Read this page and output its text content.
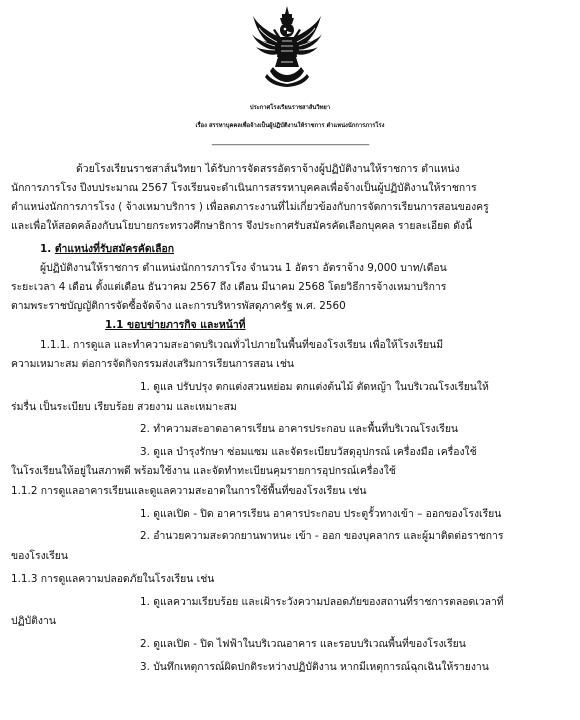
ประกาศโรงเรียนราชสาส์นวิทยา
เรื่อง สรรหาบุคคลเพื่อจ้างเป็นผู้ปฏิบัติงานให้ราชการ ตำแหน่งนักการภารโรง
----------------------------------------------------------------------
ด้วยโรงเรียนราชสาส์นวิทยา ได้รับการจัดสรรอัตราจ้างผู้ปฏิบัติงานให้ราชการ ตำแหน่ง
นักการภารโรง ปีงบประมาณ 2567 โรงเรียนจะดำเนินการสรรหาบุคคลเพื่อจ้างเป็นผู้ปฏิบัติงานให้ราชการ
ตำแหน่งนักการภารโรง ( จ้างเหมาบริการ ) เพื่อลดภาระงานที่ไม่เกี่ยวข้องกับการจัดการเรียนการสอนของครู
และเพื่อให้สอดคล้องกับนโยบายกระทรวงศึกษาธิการ จึงประกาศรับสมัครคัดเลือกบุคคล รายละเอียด ดังนี้
1. ตำแหน่งที่รับสมัครคัดเลือก
ผู้ปฏิบัติงานให้ราชการ ตำแหน่งนักการภารโรง จำนวน 1 อัตรา อัตราจ้าง 9,000 บาท/เดือน
ระยะเวลา 4 เดือน ตั้งแต่เดือน ธันวาคม 2567 ถึง เดือน มีนาคม 2568 โดยวิธีการจ้างเหมาบริการ
ตามพระราชบัญญัติการจัดซื้อจัดจ้าง และการบริหารพัสดุภาครัฐ พ.ศ. 2560
1.1 ขอบข่ายภารกิจ และหน้าที่
1.1.1. การดูแล และทำความสะอาดบริเวณทั่วไปภายในพื้นที่ของโรงเรียน เพื่อให้โรงเรียนมี
ความเหมาะสม ต่อการจัดกิจกรรมส่งเสริมการเรียนการสอน เช่น
1. ดูแล ปรับปรุง ตกแต่งสวนหย่อม ตกแต่งต้นไม้ ตัดหญ้า ในบริเวณโรงเรียนให้
ร่มรื่น เป็นระเบียบ เรียบร้อย สวยงาม และเหมาะสม
2. ทำความสะอาดอาคารเรียน อาคารประกอบ และพื้นที่บริเวณโรงเรียน
3. ดูแล บำรุงรักษา ซ่อมแซม และจัดระเบียบวัสดุอุปกรณ์ เครื่องมือ เครื่องใช้
ในโรงเรียนให้อยู่ในสภาพดี พร้อมใช้งาน และจัดทำทะเบียนคุมรายการอุปกรณ์เครื่องใช้
1.1.2 การดูแลอาคารเรียนและดูแลความสะอาดในการใช้พื้นที่ของโรงเรียน เช่น
1. ดูแลเปิด - ปิด อาคารเรียน อาคารประกอบ ประตูรั้วทางเข้า – ออกของโรงเรียน
2. อำนวยความสะดวกยานพาหนะ เข้า - ออก ของบุคลากร และผู้มาติดต่อราชการ
ของโรงเรียน
1.1.3 การดูแลความปลอดภัยในโรงเรียน เช่น
1. ดูแลความเรียบร้อย และเฝ้าระวังความปลอดภัยของสถานที่ราชการตลอดเวลาที่
ปฏิบัติงาน
2. ดูแลเปิด - ปิด ไฟฟ้าในบริเวณอาคาร และรอบบริเวณพื้นที่ของโรงเรียน
3. บันทึกเหตุการณ์ผิดปกติระหว่างปฏิบัติงาน หากมีเหตุการณ์ฉุกเฉินให้รายงาน
